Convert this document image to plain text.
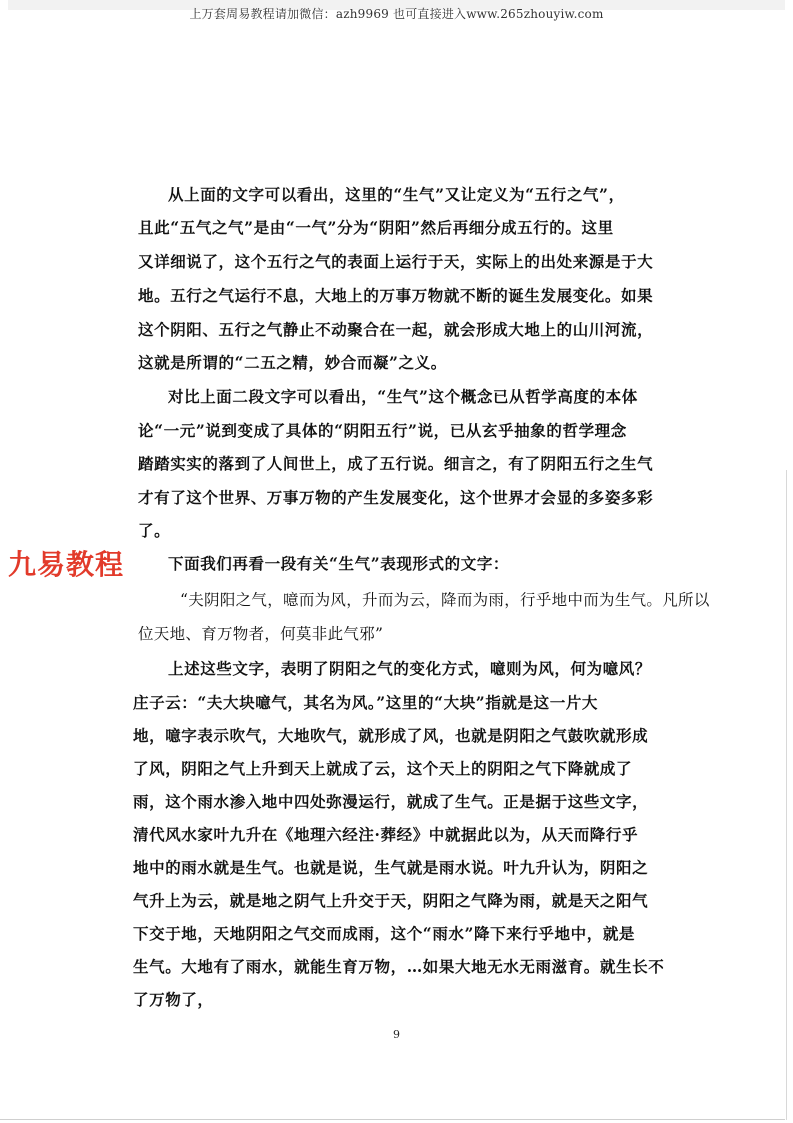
上万套周易教程请加微信：azh9969 也可直接进入www.265zhouyiw.com
九易教程
从上面的文字可以看出，这里的“生气”又让定义为“五行之气”，
且此“五气之气”是由“一气”分为“阴阳”然后再细分成五行的。这里
又详细说了，这个五行之气的表面上运行于天，实际上的出处来源是于大
地。五行之气运行不息，大地上的万事万物就不断的诞生发展变化。如果
这个阴阳、五行之气静止不动聚合在一起，就会形成大地上的山川河流，
这就是所谓的“二五之精，妙合而凝”之义。
对比上面二段文字可以看出，“生气”这个概念已从哲学高度的本体
论“一元”说到变成了具体的“阴阳五行”说，已从玄乎抽象的哲学理念
踏踏实实的落到了人间世上，成了五行说。细言之，有了阴阳五行之生气
才有了这个世界、万事万物的产生发展变化，这个世界才会显的多姿多彩
了。
下面我们再看一段有关“生气”表现形式的文字：
“夫阴阳之气，噫而为风，升而为云，降而为雨，行乎地中而为生气。凡所以
位天地、育万物者，何莫非此气邪”
上述这些文字，表明了阴阳之气的变化方式，噫则为风，何为噫风？
庄子云：“夫大块噫气，其名为风。”这里的“大块”指就是这一片大
地，噫字表示吹气，大地吹气，就形成了风，也就是阴阳之气鼓吹就形成
了风，阴阳之气上升到天上就成了云，这个天上的阴阳之气下降就成了
雨，这个雨水渗入地中四处弥漫运行，就成了生气。正是据于这些文字，
清代风水家叶九升在《地理六经注·葬经》中就据此以为，从天而降行乎
地中的雨水就是生气。也就是说，生气就是雨水说。叶九升认为，阴阳之
气升上为云，就是地之阴气上升交于天，阴阳之气降为雨，就是天之阳气
下交于地，天地阴阳之气交而成雨，这个“雨水”降下来行乎地中，就是
生气。大地有了雨水，就能生育万物，…如果大地无水无雨滋育。就生长不
了万物了，
9
